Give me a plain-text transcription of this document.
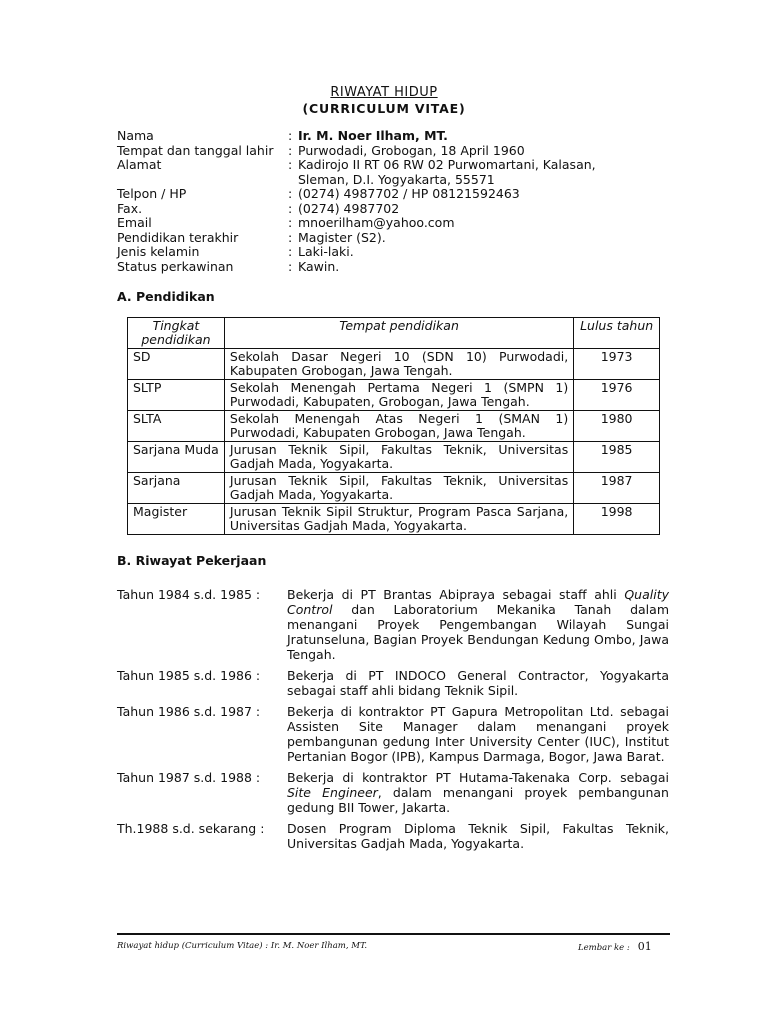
RIWAYAT HIDUP
(CURRICULUM VITAE)
Nama	: Ir. M. Noer Ilham, MT.
Tempat dan tanggal lahir	: Purwodadi, Grobogan, 18 April 1960
Alamat	: Kadirojo II RT 06 RW 02 Purwomartani, Kalasan,
Sleman, D.I. Yogyakarta, 55571
Telpon / HP	: (0274) 4987702 / HP 08121592463
Fax.	: (0274) 4987702
Email	: mnoerilham@yahoo.com
Pendidikan terakhir	: Magister (S2).
Jenis kelamin	: Laki-laki.
Status perkawinan	: Kawin.
A. Pendidikan
Tingkat pendidikan	Tempat pendidikan	Lulus tahun
SD	Sekolah Dasar Negeri 10 (SDN 10) Purwodadi, Kabupaten Grobogan, Jawa Tengah.	1973
SLTP	Sekolah Menengah Pertama Negeri 1 (SMPN 1) Purwodadi, Kabupaten, Grobogan, Jawa Tengah.	1976
SLTA	Sekolah Menengah Atas Negeri 1 (SMAN 1) Purwodadi, Kabupaten Grobogan, Jawa Tengah.	1980
Sarjana Muda	Jurusan Teknik Sipil, Fakultas Teknik, Universitas Gadjah Mada, Yogyakarta.	1985
Sarjana	Jurusan Teknik Sipil, Fakultas Teknik, Universitas Gadjah Mada, Yogyakarta.	1987
Magister	Jurusan Teknik Sipil Struktur, Program Pasca Sarjana, Universitas Gadjah Mada, Yogyakarta.	1998
B. Riwayat Pekerjaan
Tahun 1984 s.d. 1985 :	Bekerja di PT Brantas Abipraya sebagai staff ahli Quality Control dan Laboratorium Mekanika Tanah dalam menangani Proyek Pengembangan Wilayah Sungai Jratunseluna, Bagian Proyek Bendungan Kedung Ombo, Jawa Tengah.
Tahun 1985 s.d. 1986 :	Bekerja di PT INDOCO General Contractor, Yogyakarta sebagai staff ahli bidang Teknik Sipil.
Tahun 1986 s.d. 1987 :	Bekerja di kontraktor PT Gapura Metropolitan Ltd. sebagai Assisten Site Manager dalam menangani proyek pembangunan gedung Inter University Center (IUC), Institut Pertanian Bogor (IPB), Kampus Darmaga, Bogor, Jawa Barat.
Tahun 1987 s.d. 1988 :	Bekerja di kontraktor PT Hutama-Takenaka Corp. sebagai Site Engineer, dalam menangani proyek pembangunan gedung BII Tower, Jakarta.
Th.1988 s.d. sekarang :	Dosen Program Diploma Teknik Sipil, Fakultas Teknik, Universitas Gadjah Mada, Yogyakarta.
Riwayat hidup (Curriculum Vitae) : Ir. M. Noer Ilham, MT.	Lembar ke : 01
